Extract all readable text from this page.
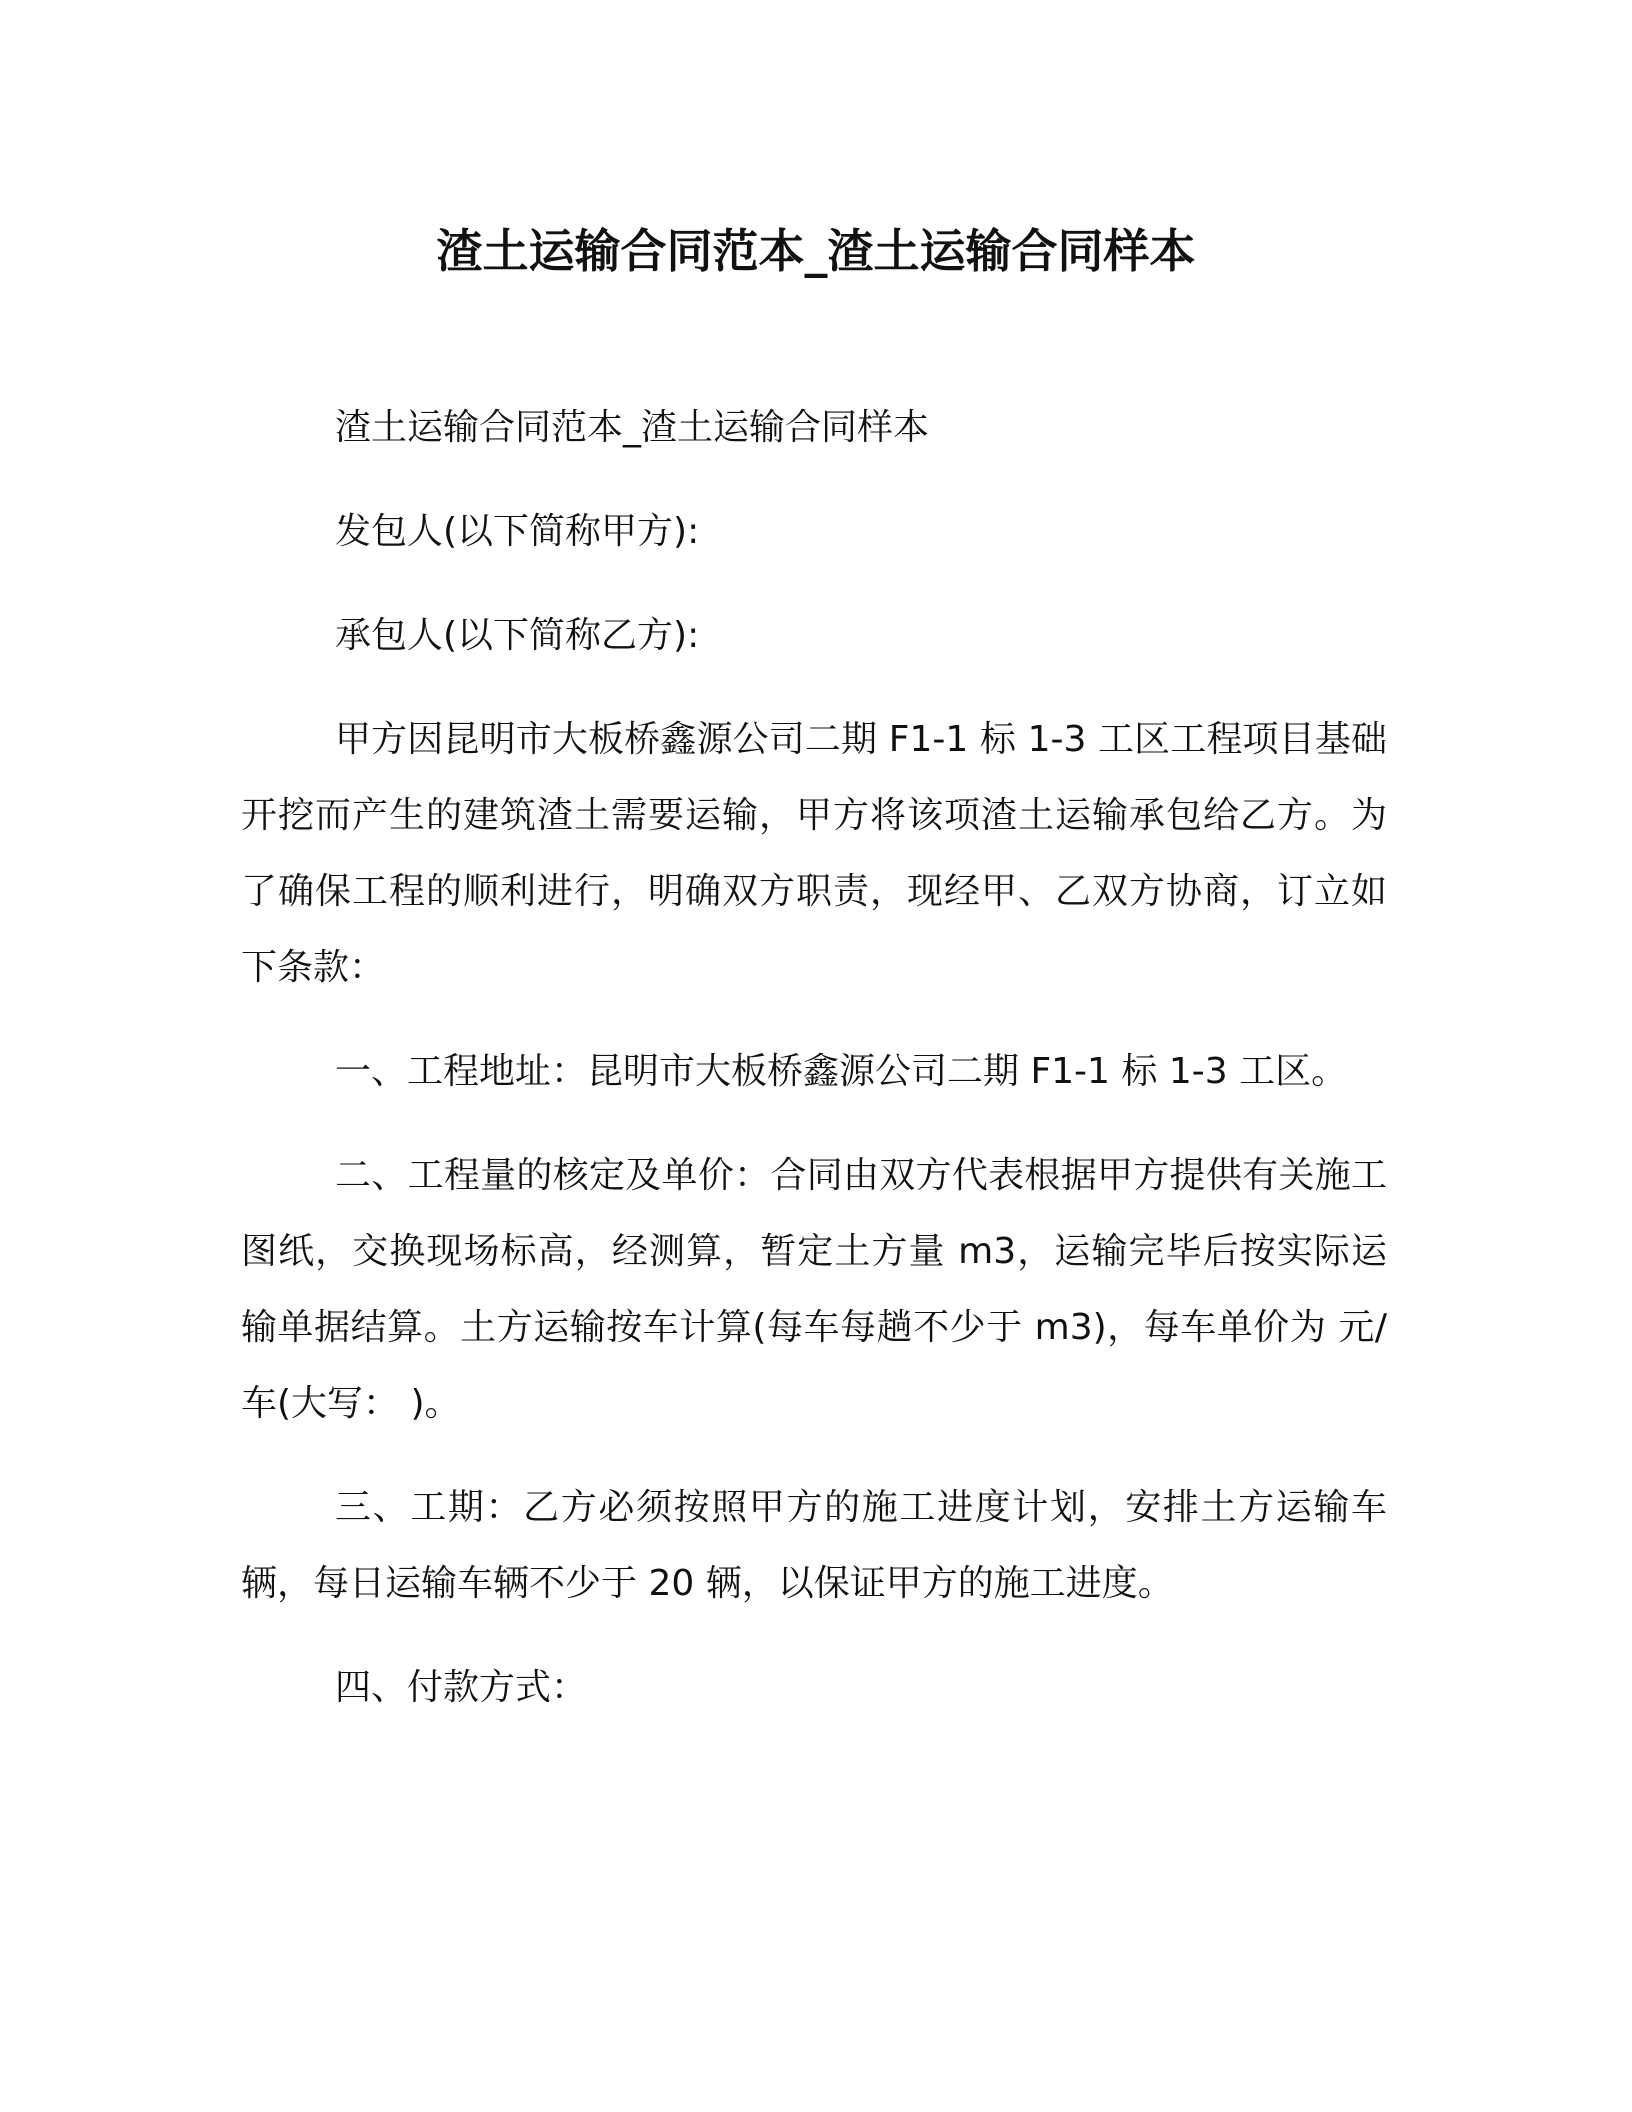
渣土运输合同范本_渣土运输合同样本

渣土运输合同范本_渣土运输合同样本

发包人(以下简称甲方):

承包人(以下简称乙方):

甲方因昆明市大板桥鑫源公司二期 F1-1 标 1-3 工区工程项目基础开挖而产生的建筑渣土需要运输，甲方将该项渣土运输承包给乙方。为了确保工程的顺利进行，明确双方职责，现经甲、乙双方协商，订立如下条款：

一、工程地址：昆明市大板桥鑫源公司二期 F1-1 标 1-3 工区。

二、工程量的核定及单价：合同由双方代表根据甲方提供有关施工图纸，交换现场标高，经测算，暂定土方量 m3，运输完毕后按实际运输单据结算。土方运输按车计算(每车每趟不少于 m3)，每车单价为 元/车(大写： )。

三、工期：乙方必须按照甲方的施工进度计划，安排土方运输车辆，每日运输车辆不少于 20 辆，以保证甲方的施工进度。

四、付款方式：
